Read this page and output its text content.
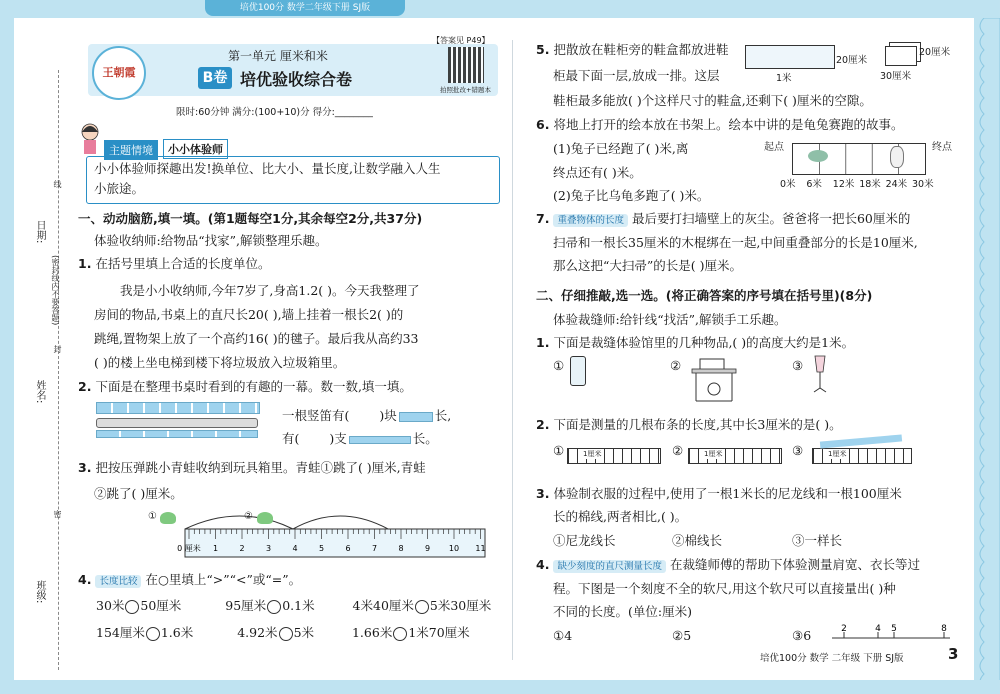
培优100分 数学二年级下册 SJ版
日期:
姓名:
班级:
(密封线内不要答题)
线
封
密
王朝霞
第一单元 厘米和米
B卷 培优验收综合卷
【答案见 P49】
拍照批改+错题本
限时:60分钟 满分:(100+10)分 得分:________
主题情境	小小体验师
小小体验师探趣出发!换单位、比大小、量长度,让数学融入人生
小旅途。
一、动动脑筋,填一填。(第1题每空1分,其余每空2分,共37分)
体验收纳师:给物品“找家”,解锁整理乐趣。
1. 在括号里填上合适的长度单位。
我是小小收纳师,今年7岁了,身高1.2( )。今天我整理了
房间的物品,书桌上的直尺长20( ),墙上挂着一根长2( )的
跳绳,置物架上放了一个高约16( )的毽子。最后我从高约33
( )的楼上坐电梯到楼下将垃圾放入垃圾箱里。
2. 下面是在整理书桌时看到的有趣的一幕。数一数,填一填。
一根竖笛有( )块	长,
有( )支	长。
3. 把按压弹跳小青蛙收纳到玩具箱里。青蛙①跳了( )厘米,青蛙
②跳了( )厘米。
0 厘米 1	2	3	4	5	6	7	8	9 10 11
①	②
4. 长度比较 在○里填上“>”“<”或“=”。
30米 50厘米	95厘米 0.1米	4米40厘米 5米30厘米
154厘米 1.6米	4.92米 5米	1.66米 1米70厘米
5. 把散放在鞋柜旁的鞋盒都放进鞋
柜最下面一层,放成一排。这层
鞋柜最多能放( )个这样尺寸的鞋盒,还剩下( )厘米的空隙。
1米
20厘米
20厘米
30厘米
6. 将地上打开的绘本放在书架上。绘本中讲的是龟兔赛跑的故事。
(1)兔子已经跑了( )米,离
终点还有( )米。
(2)兔子比乌龟多跑了( )米。
起点	终点
0米 6米 12米 18米 24米 30米
7. 重叠物体的长度 最后要打扫墙壁上的灰尘。爸爸将一把长60厘米的
扫帚和一根长35厘米的木棍绑在一起,中间重叠部分的长是10厘米,
那么这把“大扫帚”的长是( )厘米。
二、仔细推敲,选一选。(将正确答案的序号填在括号里)(8分)
体验裁缝师:给针线“找活”,解锁手工乐趣。
1. 下面是裁缝体验馆里的几种物品,( )的高度大约是1米。
①	②	③
2. 下面是测量的几根布条的长度,其中长3厘米的是( )。
①	1厘米	②	1厘米	③	1厘米
3. 体验制衣服的过程中,使用了一根1米长的尼龙线和一根100厘米
长的棉线,两者相比,( )。
①尼龙线长	②棉线长	③一样长
4. 缺少刻度的直尺测量长度 在裁缝师傅的帮助下体验测量肩宽、衣长等过
程。下图是一个刻度不全的软尺,用这个软尺可以直接量出( )种
不同的长度。(单位:厘米)
①4	②5	③6	2	4 5	8
培优100分 数学 二年级 下册 SJ版	3
